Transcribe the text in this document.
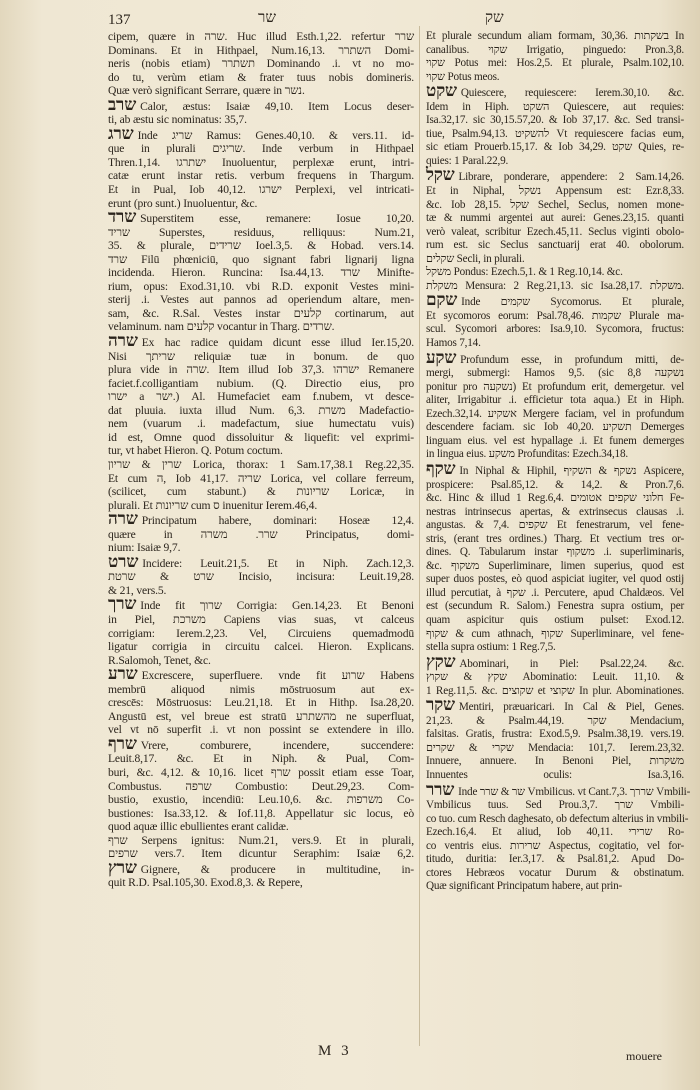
137	שר	שק
cipem, quære in שרה. Huc illud Esth.1,22. refertur שרר
Dominans. Et in Hithpael, Num.16,13. השתרר Domi-
neris (nobis etiam) תשתרר Dominando .i. vt no mo-
do tu, verùm etiam & frater tuus nobis domineris.
Quæ verò significant Serrare, quære in נשר.
שרב Calor, æstus: Isaiæ 49,10. Item Locus deser-
ti, ab æstu sic nominatus: 35,7.
שרג Inde שריג Ramus: Genes.40,10. & vers.11. id-
que in plurali שריגים. Inde verbum in Hithpael
Thren.1,14. ישתרגו Inuoluentur, perplexæ erunt, intri-
catæ erunt instar retis. verbum frequens in Thargum.
Et in Pual, Iob 40,12. ישרגו Perplexi, vel intricati-
erunt (pro sunt.) Inuoluentur, &c.
שרד Superstitem esse, remanere: Iosue 10,20.
שריד Superstes, residuus, relliquus: Num.21,
35. & plurale, שרידים Ioel.3,5. & Hobad. vers.14.
שרד Filū phœniciū, quo signant fabri lignarij ligna
incidenda. Hieron. Runcina: Isa.44,13. שרד Minifte-
rium, opus: Exod.31,10. vbi R.D. exponit Vestes mini-
sterij .i. Vestes aut pannos ad operiendum altare, men-
sam, &c. R.Sal. Vestes instar קלעים cortinarum, aut
velaminum. nam קלעים vocantur in Tharg. שרדים.
שרה Ex hac radice quidam dicunt esse illud Ier.15,20.
Nisi שריתך reliquiæ tuæ in bonum. de quo
plura vide in שרה. Item illud Iob 37,3. ישרהו Remanere
faciet.f.colligantiam nubium. (Q. Directio eius, pro
ישרו a ישר.) Al. Humefaciet eam f.nubem, vt desce-
dat pluuia. iuxta illud Num. 6,3. משרת Madefactio-
nem (vuarum .i. madefactum, siue humectatu vuis)
id est, Omne quod dissoluitur & liquefit: vel exprimi-
tur, vt habet Hieron. Q. Potum coctum.
שרין & שריון Lorica, thorax: 1 Sam.17,38.1 Reg.22,35.
Et cum ה, Iob 41,17. שריה Lorica, vel collare ferreum,
(scilicet, cum stabunt.) & שריונות Loricæ, in
plurali. Et שריונות cum ס inuenitur Ierem.46,4.
שרה Principatum habere, dominari: Hoseæ 12,4.
quære in שרר. משרה Principatus, domi-
nium: Isaiæ 9,7.
שרט Incidere: Leuit.21,5. Et in Niph. Zach.12,3.
שרט & שרטת Incisio, incisura: Leuit.19,28.
& 21, vers.5.
שרך Inde fit שרוך Corrigia: Gen.14,23. Et Benoni
in Piel, משרכת Capiens vias suas, vt calceus
corrigiam: Ierem.2,23. Vel, Circuiens quemadmodū
ligatur corrigia in circuitu calcei. Hieron. Explicans.
R.Salomoh, Tenet, &c.
שרע Excrescere, superfluere. vnde fit שרוע Habens
membrū aliquod nimis mōstruosum aut ex-
crescēs: Mōstruosus: Leu.21,18. Et in Hithp. Isa.28,20.
Angustū est, vel breue est stratū מהשתרע ne superfluat,
vel vt nō superfit .i. vt non possint se extendere in illo.
שרף Vrere, comburere, incendere, succendere:
Leuit.8,17. &c. Et in Niph. & Pual, Com-
buri, &c. 4,12. & 10,16. licet שרף possit etiam esse Toar,
Combustus. שרפה Combustio: Deut.29,23. Com-
bustio, exustio, incendiū: Leu.10,6. &c. משרפות Co-
bustiones: Isa.33,12. & Iof.11,8. Appellatur sic locus, eò
quod aquæ illic ebullientes erant calidæ.
שרף Serpens ignitus: Num.21, vers.9. Et in plurali,
שרפים vers.7. Item dicuntur Seraphim: Isaiæ 6,2.
שרץ Gignere, & producere in multitudine, in-
quit R.D. Psal.105,30. Exod.8,3. & Repere,
Et plurale secundum aliam formam, 30,36. בשקתות In
canalibus. שקוי Irrigatio, pinguedo: Pron.3,8.
שקוי Potus mei: Hos.2,5. Et plurale, Psalm.102,10.
שקוי Potus meos.
שקט Quiescere, requiescere: Ierem.30,10. &c.
Idem in Hiph. השקט Quiescere, aut requies:
Isa.32,17. sic 30,15.57,20. & Iob 37,17. &c. Sed transi-
tiue, Psalm.94,13. להשקיט Vt requiescere facias eum,
sic etiam Prouerb.15,17. & Iob 34,29. שקט Quies, re-
quies: 1 Paral.22,9.
שקל Librare, ponderare, appendere: 2 Sam.14,26.
Et in Niphal, נשקל Appensum est: Ezr.8,33.
&c. Iob 28,15. שקל Sechel, Seclus, nomen mone-
tæ & nummi argentei aut aurei: Genes.23,15. quanti
verò valeat, scribitur Ezech.45,11. Seclus viginti obolo-
rum est. sic Seclus sanctuarij erat 40. obolorum.
שקלים Secli, in plurali.
משקל Pondus: Ezech.5,1. & 1 Reg.10,14. &c.
משקלת Mensura: 2 Reg.21,13. sic Isa.28,17. משקלת.
שקם Inde שקמים Sycomorus. Et plurale,
Et sycomoros eorum: Psal.78,46. שקמות Plurale ma-
scul. Sycomori arbores: Isa.9,10. Sycomora, fructus:
Hamos 7,14.
שקע Profundum esse, in profundum mitti, de-
mergi, submergi: Hamos 9,5. (sic 8,8 נשקעה
ponitur pro נשקעה) Et profundum erit, demergetur. vel
aliter, Irrigabitur .i. efficietur tota aqua.) Et in Hiph.
Ezech.32,14. אשקיע Mergere faciam, vel in profundum
descendere faciam. sic Iob 40,20. תשקיע Demerges
linguam eius. vel est hypallage .i. Et funem demerges
in lingua eius. משקע Profunditas: Ezech.34,18.
שקף In Niphal & Hiphil, נשקף & השקיף Aspicere,
prospicere: Psal.85,12. & 14,2. & Pron.7,6.
&c. Hinc & illud 1 Reg.6,4. חלוני שקפים אטומים Fe-
nestras intrinsecus apertas, & extrinsecus clausas .i.
angustas. & 7,4. שקפים Et fenestrarum, vel fene-
stris, (erant tres ordines.) Tharg. Et vectium tres or-
dines. Q. Tabularum instar משקוף .i. superliminaris,
&c. משקוף Superliminare, limen superius, quod est
super duos postes, eò quod aspiciat iugiter, vel quod ostij
illud percutiat, à שקף .i. Percutere, apud Chaldæos. Vel
est (secundum R. Salom.) Fenestra supra ostium, per
quam aspicitur quis ostium pulset: Exod.12.
שקוף & cum athnach, שקוף Superliminare, vel fene-
stella supra ostium: 1 Reg.7,5.
שקץ Abominari, in Piel: Psal.22,24. &c.
שקץ & שקוץ Abominatio: Leuit. 11,10. &
1 Reg.11,5. &c. שקוצים et שקוצי In plur. Abominationes.
שקר Mentiri, præuaricari. In Cal & Piel, Genes.
21,23. & Psalm.44,19. שקר Mendacium,
falsitas. Gratis, frustra: Exod.5,9. Psalm.38,19. vers.19.
שקרי & שקרים Mendacia: 101,7. Ierem.23,32.
Innuere, annuere. In Benoni Piel, משקרות
Innuentes oculis: Isa.3,16.
שרר Inde שר & שרר Vmbilicus. vt Cant.7,3. שררך Vmbili-
Vmbilicus tuus. Sed Prou.3,7. שרך Vmbili-
co tuo. cum Resch daghesato, ob defectum alterius in vmbili-
Ezech.16,4. Et aliud, Iob 40,11. שרירי Ro-
co ventris eius. שרירות Aspectus, cogitatio, vel for-
titudo, duritia: Ier.3,17. & Psal.81,2. Apud Do-
ctores Hebræos vocatur Durum & obstinatum.
Quæ significant Principatum habere, aut prin-
M 3	mouere
